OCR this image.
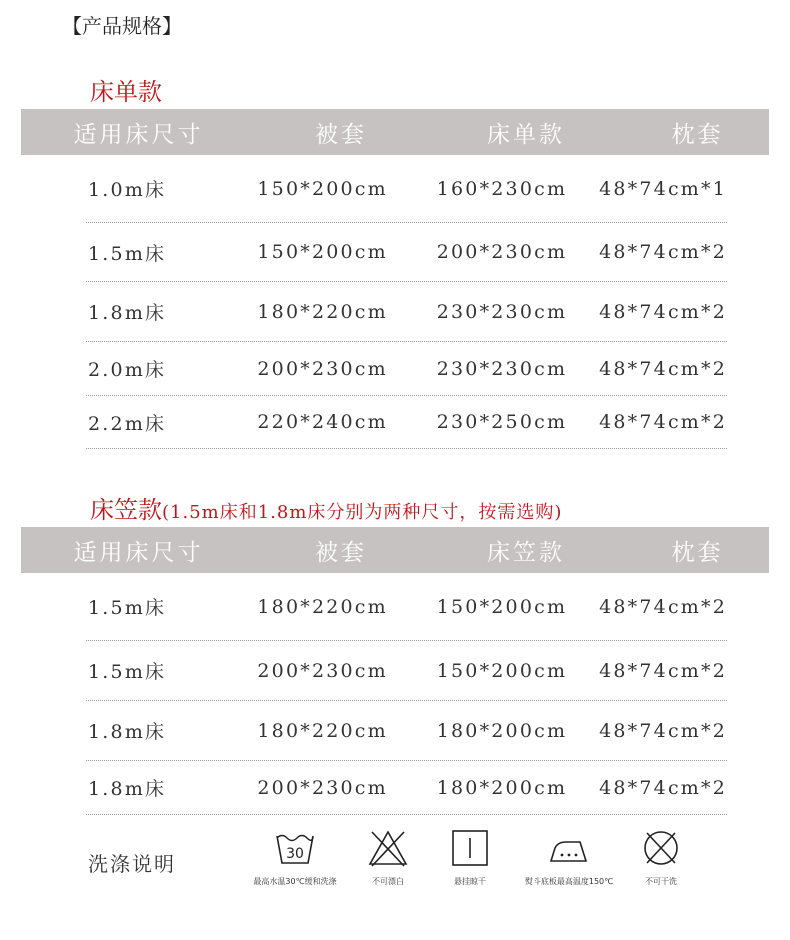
【产品规格】
床单款
适用床尺寸	被套	床单款	枕套
1.0m床	150*200cm	160*230cm	48*74cm*1
1.5m床	150*200cm	200*230cm	48*74cm*2
1.8m床	180*220cm	230*230cm	48*74cm*2
2.0m床	200*230cm	230*230cm	48*74cm*2
2.2m床	220*240cm	230*250cm	48*74cm*2
床笠款(1.5m床和1.8m床分别为两种尺寸，按需选购)
适用床尺寸	被套	床笠款	枕套
1.5m床	180*220cm	150*200cm	48*74cm*2
1.5m床	200*230cm	150*200cm	48*74cm*2
1.8m床	180*220cm	180*200cm	48*74cm*2
1.8m床	200*230cm	180*200cm	48*74cm*2
洗涤说明	30
最高水温30℃缓和洗涤	不可漂白	悬挂晾干	熨斗底板最高温度150℃	不可干洗
